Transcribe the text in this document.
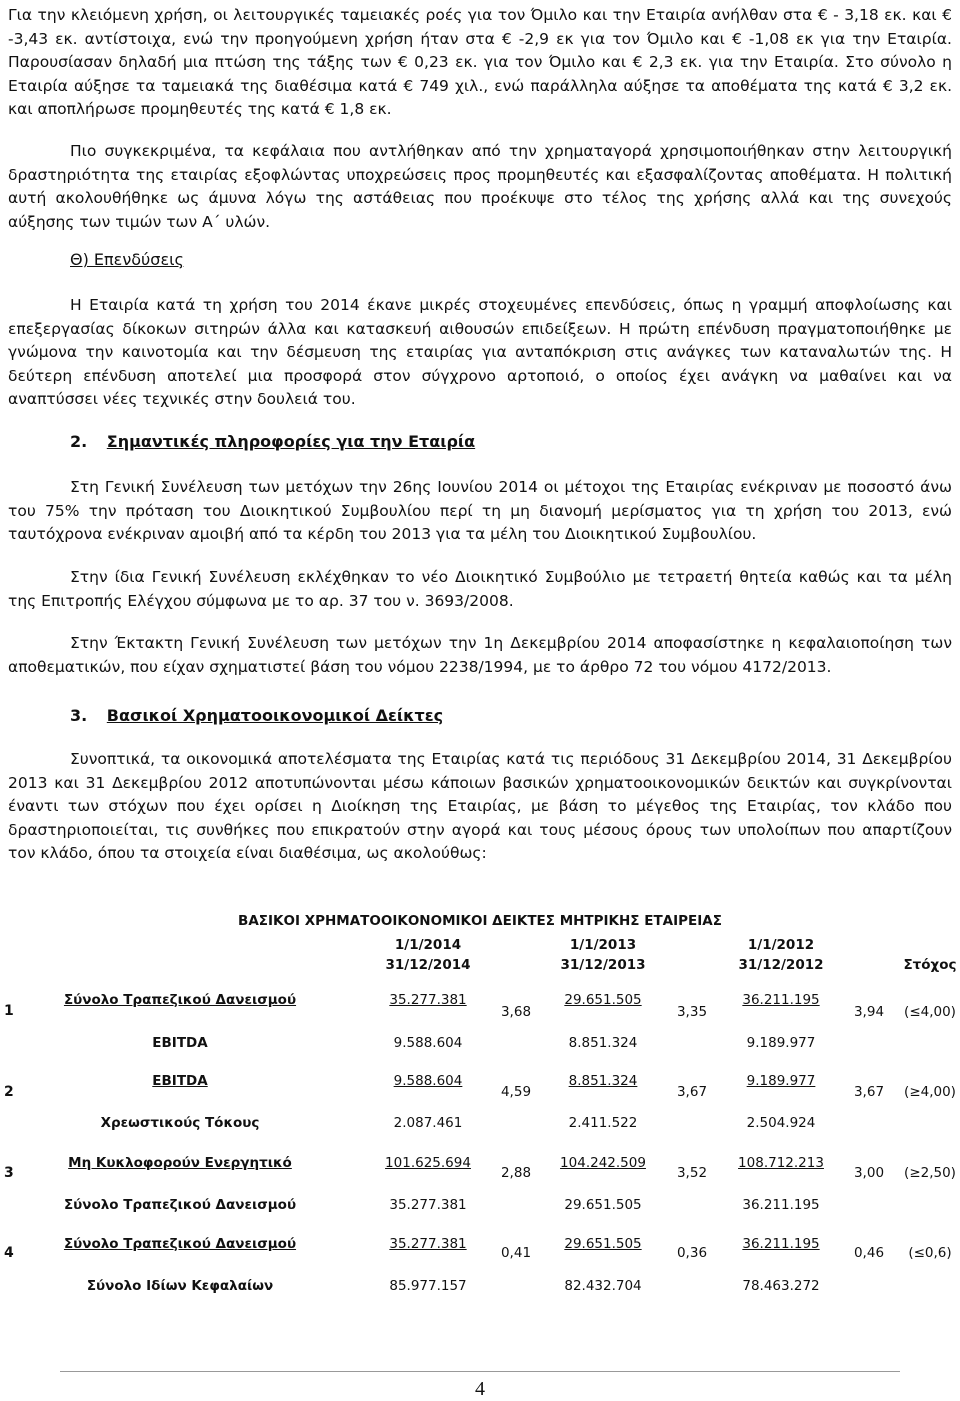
Για την κλειόμενη χρήση, οι λειτουργικές ταμειακές ροές για τον Όμιλο και την Εταιρία ανήλθαν στα € - 3,18 εκ. και € -3,43 εκ. αντίστοιχα, ενώ την προηγούμενη χρήση ήταν στα € -2,9 εκ για τον Όμιλο και € -1,08 εκ για την Εταιρία. Παρουσίασαν δηλαδή μια πτώση της τάξης των € 0,23 εκ. για τον Όμιλο και € 2,3 εκ. για την Εταιρία. Στο σύνολο η Εταιρία αύξησε τα ταμειακά της διαθέσιμα κατά € 749 χιλ., ενώ παράλληλα αύξησε τα αποθέματα της κατά € 3,2 εκ. και αποπλήρωσε προμηθευτές της κατά € 1,8 εκ.

Πιο συγκεκριμένα, τα κεφάλαια που αντλήθηκαν από την χρηματαγορά χρησιμοποιήθηκαν στην λειτουργική δραστηριότητα της εταιρίας εξοφλώντας υποχρεώσεις προς προμηθευτές και εξασφαλίζοντας αποθέματα. Η πολιτική αυτή ακολουθήθηκε ως άμυνα λόγω της αστάθειας που προέκυψε στο τέλος της χρήσης αλλά και της συνεχούς αύξησης των τιμών των Α΄ υλών.

Θ) Επενδύσεις

Η Εταιρία κατά τη χρήση του 2014 έκανε μικρές στοχευμένες επενδύσεις, όπως η γραμμή αποφλοίωσης και επεξεργασίας δίκοκων σιτηρών άλλα και κατασκευή αιθουσών επιδείξεων. Η πρώτη επένδυση πραγματοποιήθηκε με γνώμονα την καινοτομία και την δέσμευση της εταιρίας για ανταπόκριση στις ανάγκες των καταναλωτών της. Η δεύτερη επένδυση αποτελεί μια προσφορά στον σύγχρονο αρτοποιό, ο οποίος έχει ανάγκη να μαθαίνει και να αναπτύσσει νέες τεχνικές στην δουλειά του.

2. Σημαντικές πληροφορίες για την Εταιρία

Στη Γενική Συνέλευση των μετόχων την 26ης Ιουνίου 2014 οι μέτοχοι της Εταιρίας ενέκριναν με ποσοστό άνω του 75% την πρόταση του Διοικητικού Συμβουλίου περί τη μη διανομή μερίσματος για τη χρήση του 2013, ενώ ταυτόχρονα ενέκριναν αμοιβή από τα κέρδη του 2013 για τα μέλη του Διοικητικού Συμβουλίου.

Στην ίδια Γενική Συνέλευση εκλέχθηκαν το νέο Διοικητικό Συμβούλιο με τετραετή θητεία καθώς και τα μέλη της Επιτροπής Ελέγχου σύμφωνα με το αρ. 37 του ν. 3693/2008.

Στην Έκτακτη Γενική Συνέλευση των μετόχων την 1η Δεκεμβρίου 2014 αποφασίστηκε η κεφαλαιοποίηση των αποθεματικών, που είχαν σχηματιστεί βάση του νόμου 2238/1994, με το άρθρο 72 του νόμου 4172/2013.

3. Βασικοί Χρηματοοικονομικοί Δείκτες

Συνοπτικά, τα οικονομικά αποτελέσματα της Εταιρίας κατά τις περιόδους 31 Δεκεμβρίου 2014, 31 Δεκεμβρίου 2013 και 31 Δεκεμβρίου 2012 αποτυπώνονται μέσω κάποιων βασικών χρηματοοικονομικών δεικτών και συγκρίνονται έναντι των στόχων που έχει ορίσει η Διοίκηση της Εταιρίας, με βάση το μέγεθος της Εταιρίας, τον κλάδο που δραστηριοποιείται, τις συνθήκες που επικρατούν στην αγορά και τους μέσους όρους των υπολοίπων που απαρτίζουν τον κλάδο, όπου τα στοιχεία είναι διαθέσιμα, ως ακολούθως:

ΒΑΣΙΚΟΙ ΧΡΗΜΑΤΟΟΙΚΟΝΟΜΙΚΟΙ ΔΕΙΚΤΕΣ ΜΗΤΡΙΚΗΣ ΕΤΑΙΡΕΙΑΣ
1/1/2014
31/12/2014
1/1/2013
31/12/2013
1/1/2012
31/12/2012	Στόχος
1
Σύνολο Τραπεζικού Δανεισμού
EBITDA
35.277.381
9.588.604
3,68
29.651.505
8.851.324
3,35
36.211.195
9.189.977
3,94 (≤4,00)
2
EBITDA
Χρεωστικούς Τόκους
9.588.604
2.087.461
4,59
8.851.324
2.411.522
3,67
9.189.977
2.504.924
3,67 (≥4,00)
3
Μη Κυκλοφορούν Ενεργητικό
Σύνολο Τραπεζικού Δανεισμού
101.625.694
35.277.381
2,88
104.242.509
29.651.505
3,52
108.712.213
36.211.195
3,00 (≥2,50)
4
Σύνολο Τραπεζικού Δανεισμού
Σύνολο Ιδίων Κεφαλαίων
35.277.381
85.977.157
0,41
29.651.505
82.432.704
0,36
36.211.195
78.463.272
0,46 (≤0,6)
4
